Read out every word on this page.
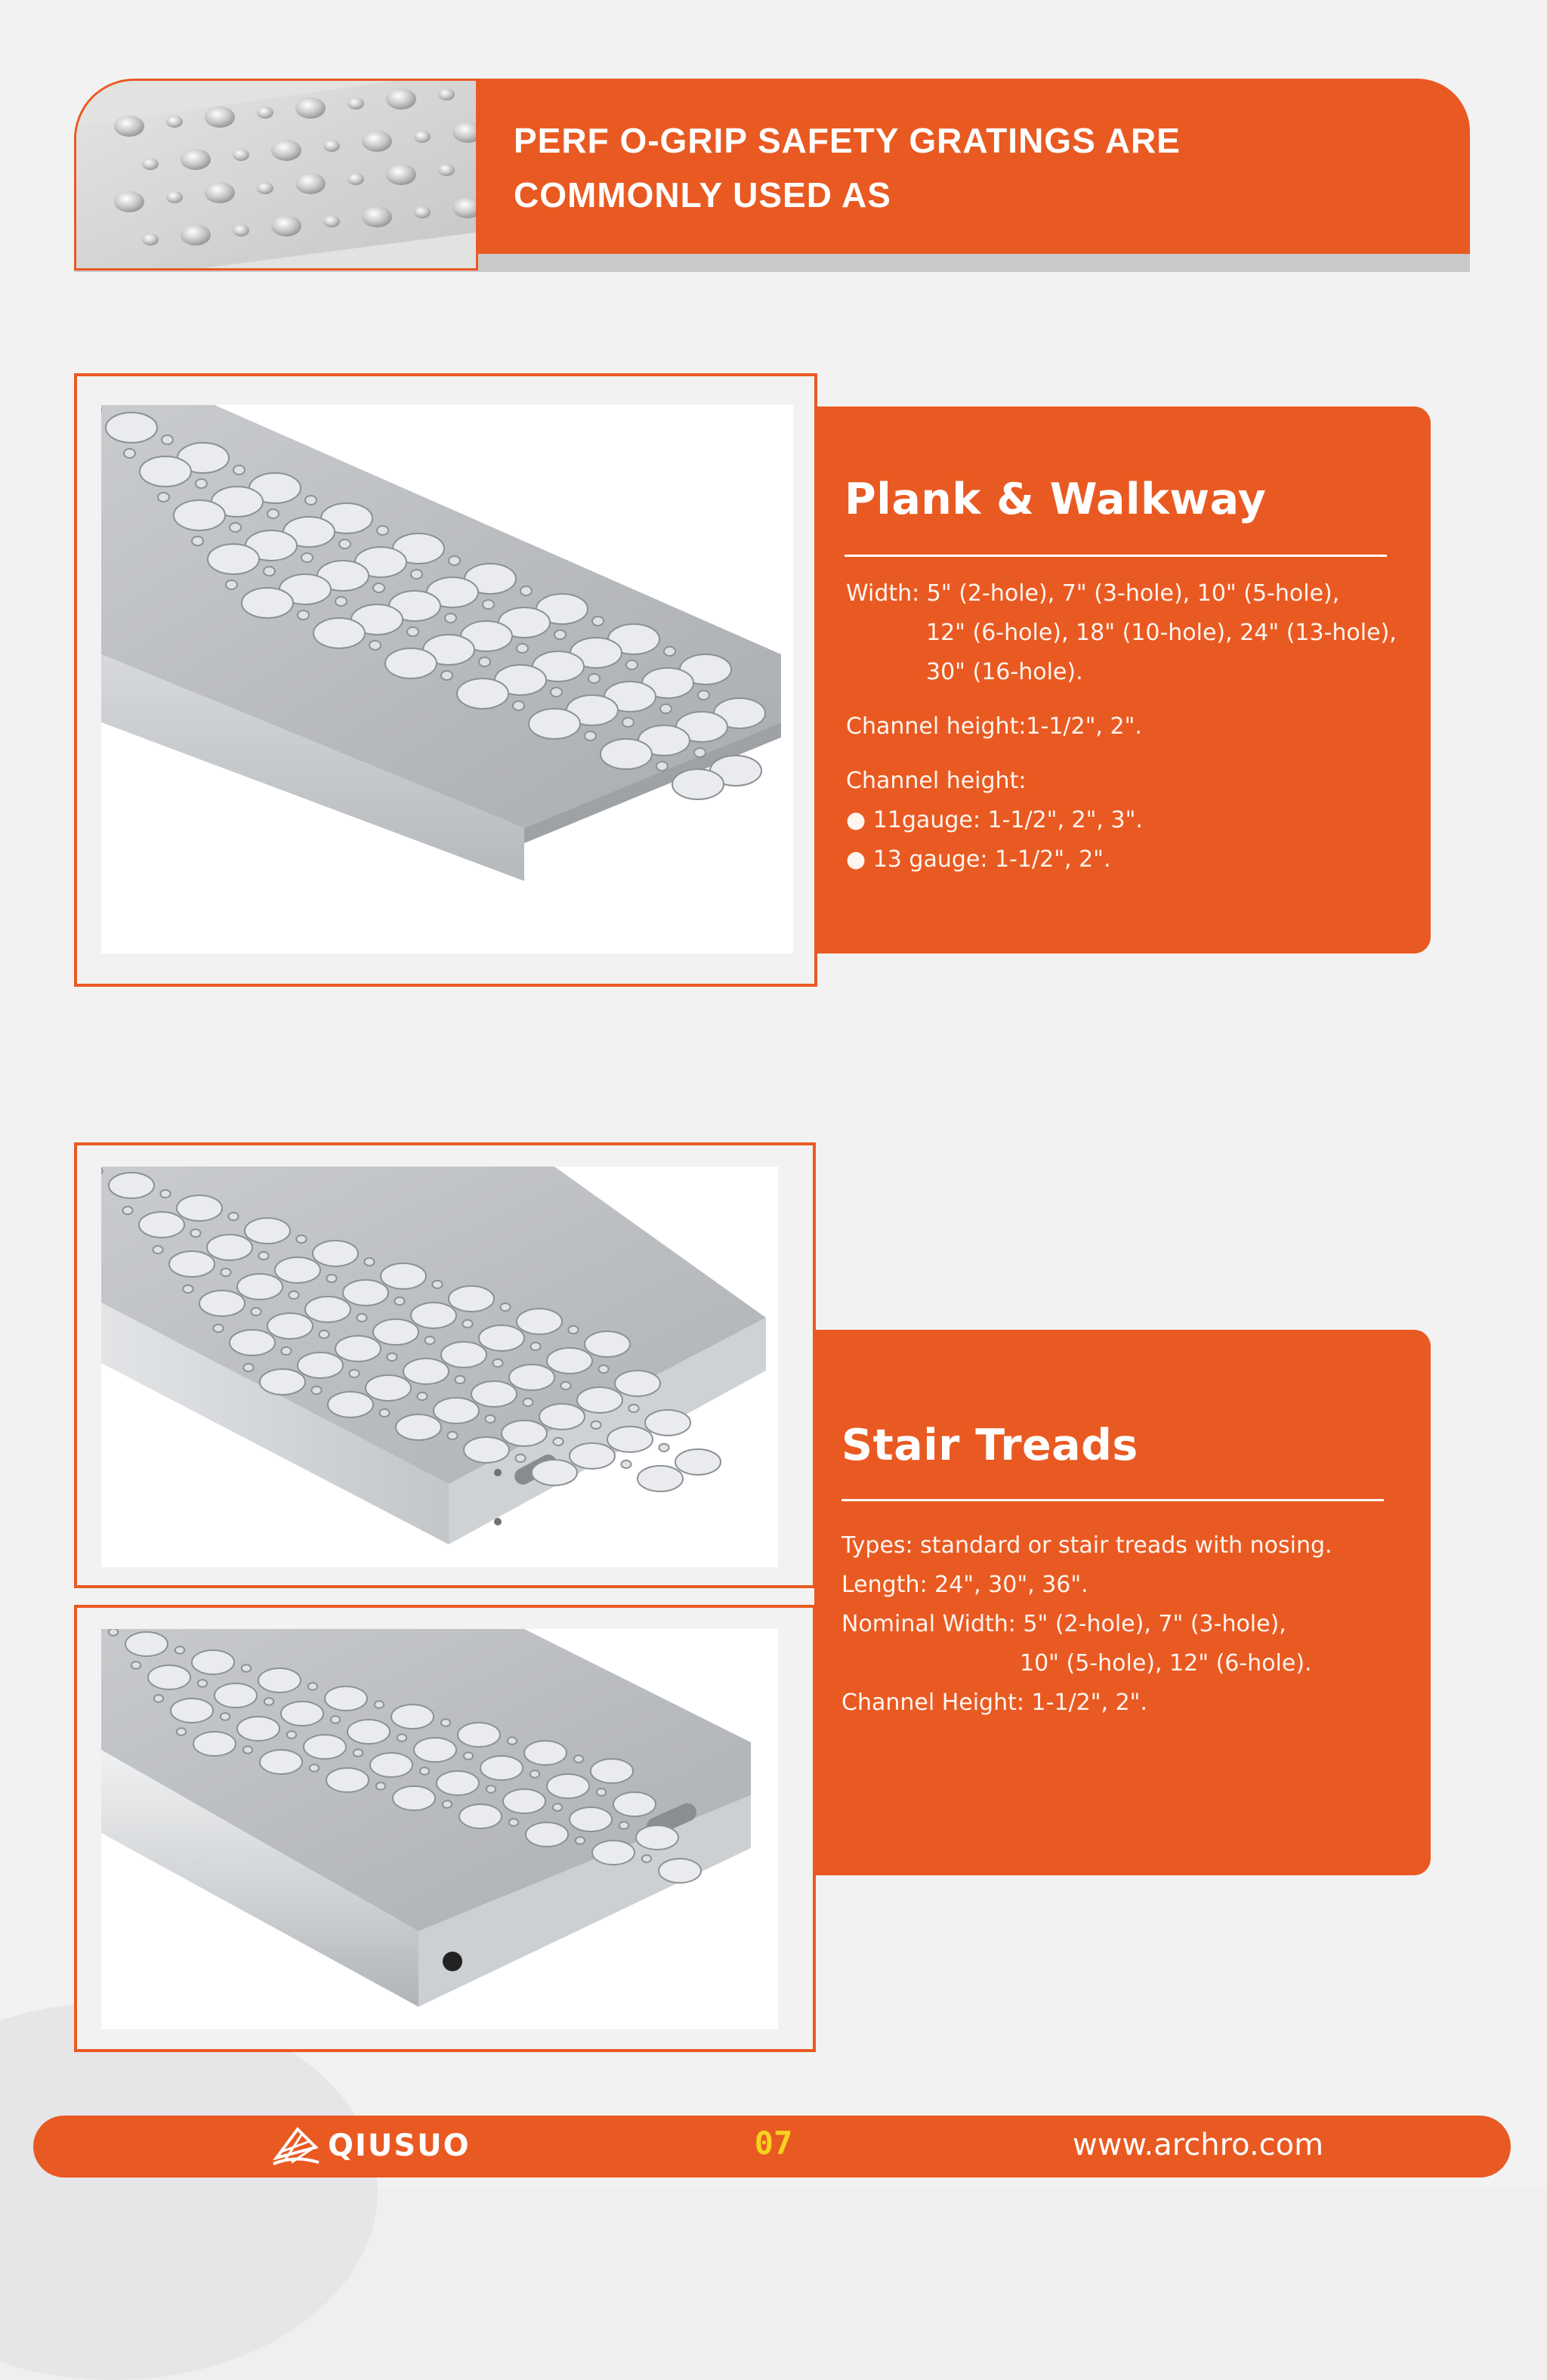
PERF O-GRIP SAFETY GRATINGS ARE
COMMONLY USED AS
Plank & Walkway

Width: 5" (2-hole), 7" (3-hole), 10" (5-hole),

12" (6-hole), 18" (10-hole), 24" (13-hole),

30" (16-hole).

Channel height:1-1/2", 2".

Channel height:

● 11gauge: 1-1/2", 2", 3".

● 13 gauge: 1-1/2", 2".

Stair Treads

Types: standard or stair treads with nosing.

Length: 24", 30", 36".

Nominal Width: 5" (2-hole), 7" (3-hole),

10" (5-hole), 12" (6-hole).

Channel Height: 1-1/2", 2".

QIUSUO	07	www.archro.com
